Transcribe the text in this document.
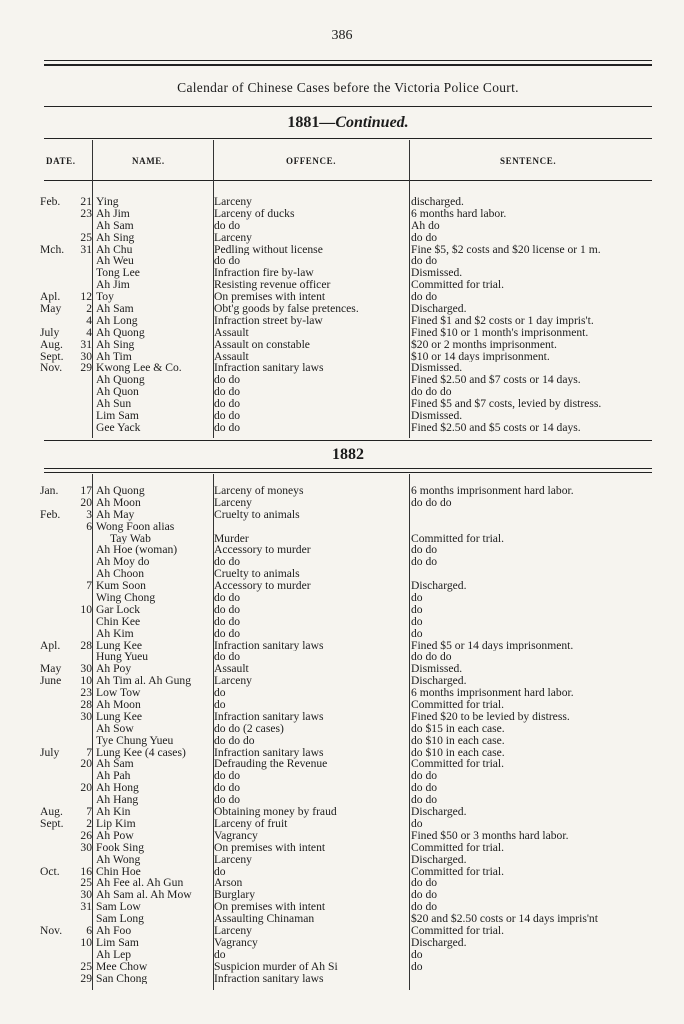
386
Calendar of Chinese Cases before the Victoria Police Court.
1881—Continued.
DATE.	NAME.	OFFENCE.	SENTENCE.
Feb.	21 Ying	Larceny	discharged.
23 Ah Jim	Larceny of ducks	6 months hard labor.
Ah Sam	do do	Ah do
25 Ah Sing	Larceny	do do
Mch.	31 Ah Chu	Pedling without license	Fine $5, $2 costs and $20 license or 1 m.
Ah Weu	do do	do do
Tong Lee	Infraction fire by-law	Dismissed.
Ah Jim	Resisting revenue officer	Committed for trial.
Apl.	12 Toy	On premises with intent	do do
May	2 Ah Sam	Obt'g goods by false pretences.	Discharged.
4 Ah Long	Infraction street by-law	Fined $1 and $2 costs or 1 day impris't.
July	4 Ah Quong	Assault	Fined $10 or 1 month's imprisonment.
Aug.	31 Ah Sing	Assault on constable	$20 or 2 months imprisonment.
Sept.	30 Ah Tim	Assault	$10 or 14 days imprisonment.
Nov.	29 Kwong Lee & Co.	Infraction sanitary laws	Dismissed.
Ah Quong	do do	Fined $2.50 and $7 costs or 14 days.
Ah Quon	do do	do do do
Ah Sun	do do	Fined $5 and $7 costs, levied by distress.
Lim Sam	do do	Dismissed.
Gee Yack	do do	Fined $2.50 and $5 costs or 14 days.
1882
Jan.	17 Ah Quong	Larceny of moneys	6 months imprisonment hard labor.
20 Ah Moon	Larceny	do do do
Feb.	3 Ah May	Cruelty to animals
6 Wong Foon alias
Tay Wab	Murder	Committed for trial.
Ah Hoe (woman)	Accessory to murder	do do
Ah Moy do	do do	do do
Ah Choon	Cruelty to animals
7 Kum Soon	Accessory to murder	Discharged.
Wing Chong	do do	do
10 Gar Lock	do do	do
Chin Kee	do do	do
Ah Kim	do do	do
Apl.	28 Lung Kee	Infraction sanitary laws	Fined $5 or 14 days imprisonment.
Hung Yueu	do do	do do do
May	30 Ah Poy	Assault	Dismissed.
June	10 Ah Tim al. Ah Gung	Larceny	Discharged.
23 Low Tow	do	6 months imprisonment hard labor.
28 Ah Moon	do	Committed for trial.
30 Lung Kee	Infraction sanitary laws	Fined $20 to be levied by distress.
Ah Sow	do do (2 cases)	do $15 in each case.
Tye Chung Yueu	do do do	do $10 in each case.
July	7 Lung Kee (4 cases)	Infraction sanitary laws	do $10 in each case.
20 Ah Sam	Defrauding the Revenue	Committed for trial.
Ah Pah	do do	do do
20 Ah Hong	do do	do do
Ah Hang	do do	do do
Aug.	7 Ah Kin	Obtaining money by fraud	Discharged.
Sept.	2 Lip Kim	Larceny of fruit	do
26 Ah Pow	Vagrancy	Fined $50 or 3 months hard labor.
30 Fook Sing	On premises with intent	Committed for trial.
Ah Wong	Larceny	Discharged.
Oct.	16 Chin Hoe	do	Committed for trial.
25 Ah Fee al. Ah Gun	Arson	do do
30 Ah Sam al. Ah Mow	Burglary	do do
31 Sam Low	On premises with intent	do do
Sam Long	Assaulting Chinaman	$20 and $2.50 costs or 14 days impris'nt
Nov.	6 Ah Foo	Larceny	Committed for trial.
10 Lim Sam	Vagrancy	Discharged.
Ah Lep	do	do
25 Mee Chow	Suspicion murder of Ah Si	do
29 San Chong	Infraction sanitary laws
